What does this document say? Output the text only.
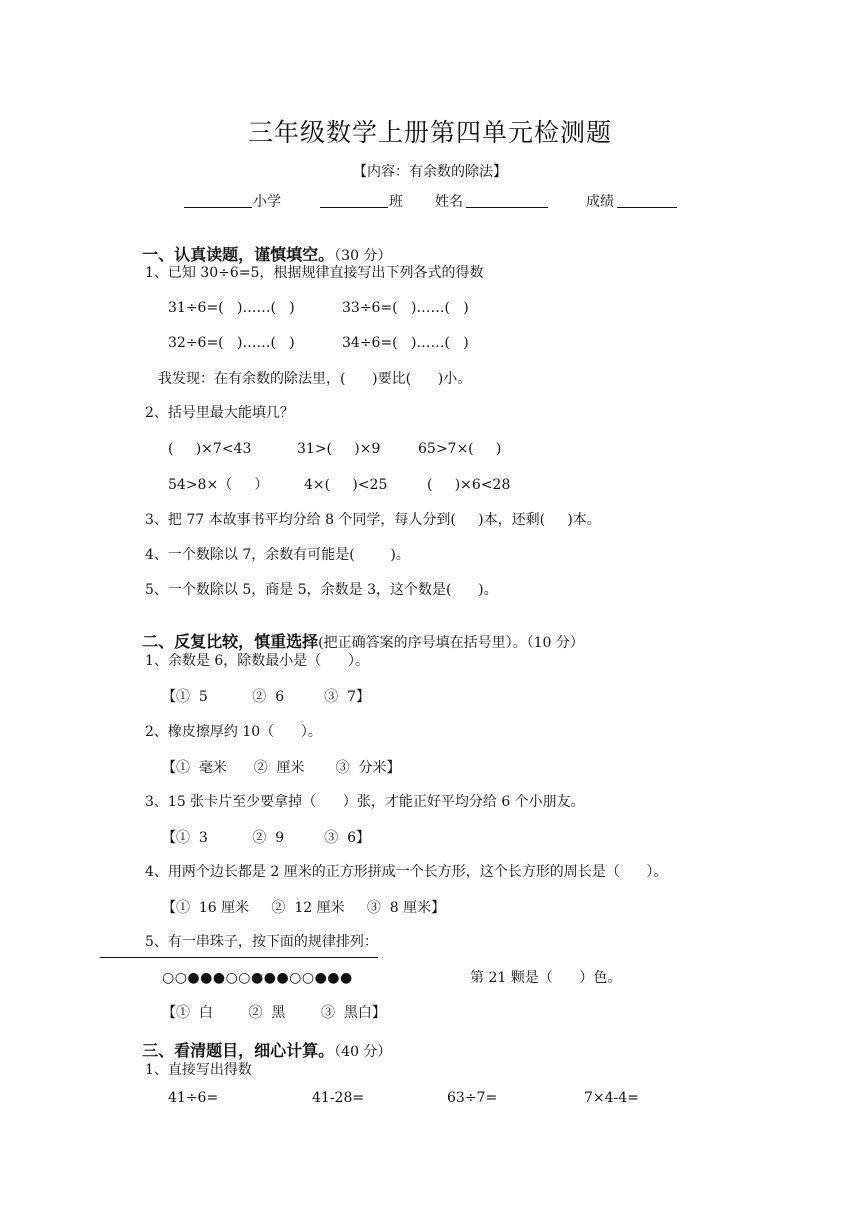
三年级数学上册第四单元检测题
【内容：有余数的除法】
小学	班 姓名	成绩

一、认真读题，谨慎填空。（30 分）

1、已知 30÷6=5，根据规律直接写出下列各式的得数
31÷6=(   )……(   )	33÷6=(   )……(   )
32÷6=(   )……(   )	34÷6=(   )……(   )
我发现：在有余数的除法里，(      )要比(      )小。
2、括号里最大能填几？
(     )×7<43	31>(     )×9	65>7×(     )
54>8×（     ）	4×(     )<25	(     )×6<28
3、把 77 本故事书平均分给 8 个同学，每人分到(     )本，还剩(     )本。
4、一个数除以 7，余数有可能是(        )。
5、一个数除以 5，商是 5，余数是 3，这个数是(      )。

二、反复比较，慎重选择(把正确答案的序号填在括号里）。（10 分）

1、余数是 6，除数最小是（      ）。
【①  5          ②  6         ③  7】
2、橡皮擦厚约 10（      ）。
【①  毫米      ②  厘米       ③  分米】
3、15 张卡片至少要拿掉（      ）张，才能正好平均分给 6 个小朋友。
【①  3          ②  9         ③  6】
4、用两个边长都是 2 厘米的正方形拼成一个长方形，这个长方形的周长是（      ）。
【①  16 厘米     ②  12 厘米     ③  8 厘米】
5、有一串珠子，按下面的规律排列：
○○●●●○○●●●○○●●●	第 21 颗是（      ）色。
【①  白        ②  黑        ③  黑白】

三、看清题目，细心计算。（40 分）

1、直接写出得数
41÷6=	41-28=	63÷7=	7×4-4=
